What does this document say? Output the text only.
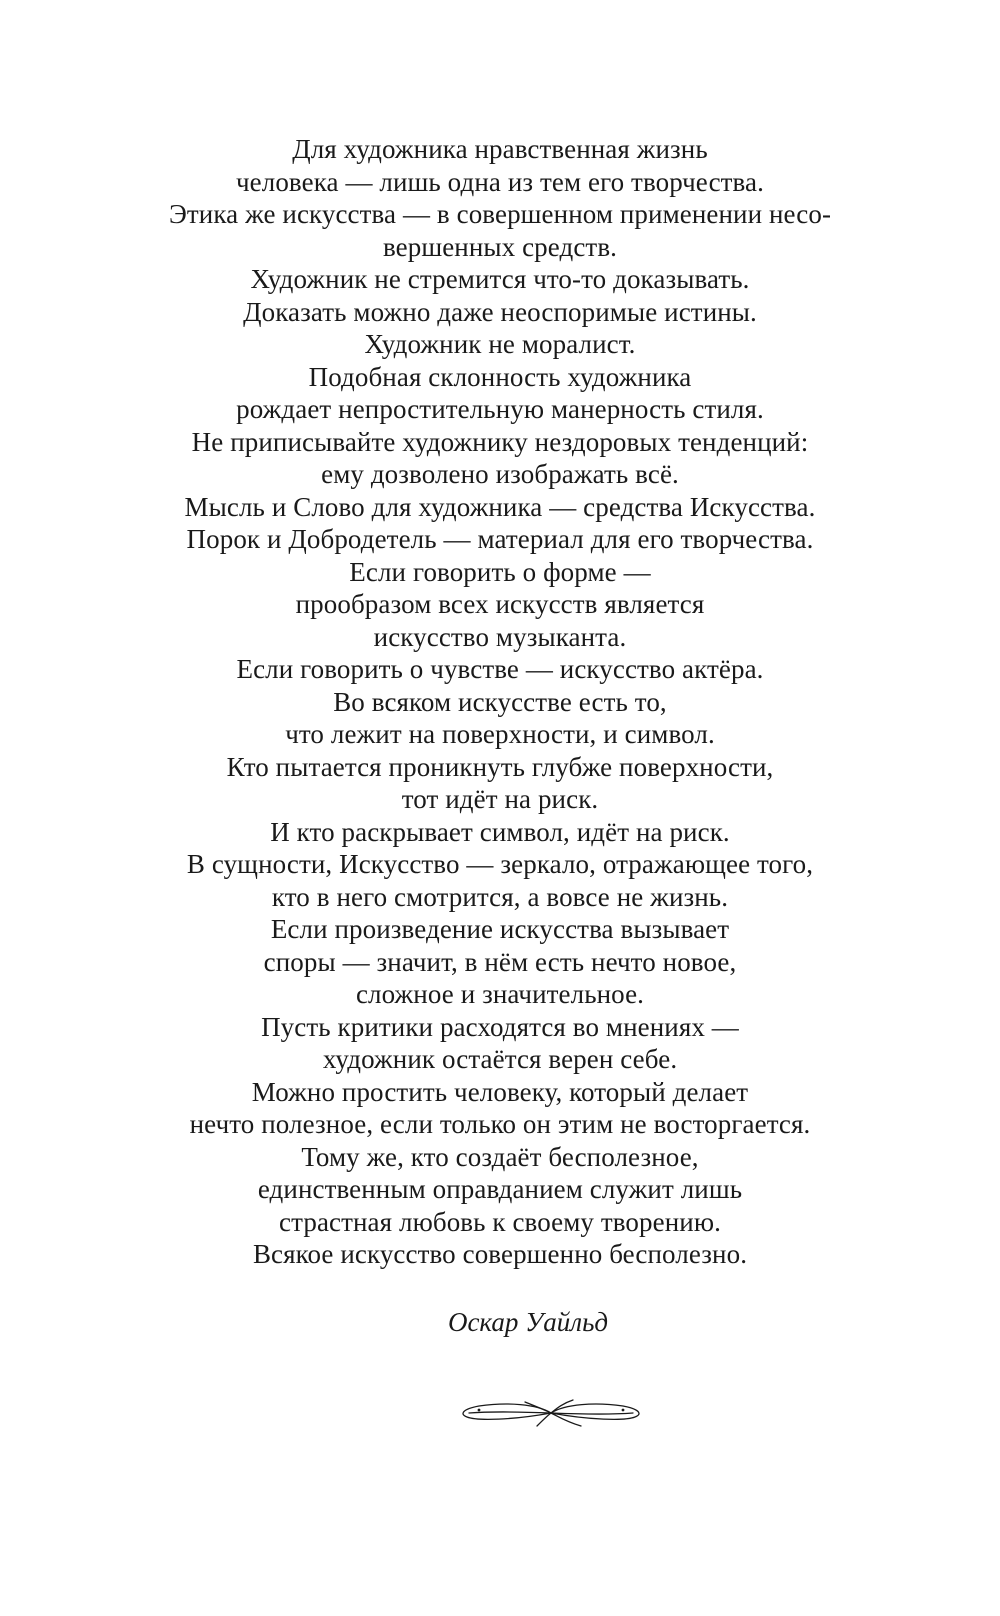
Для художника нравственная жизнь
человека — лишь одна из тем его творчества.
Этика же искусства — в совершенном применении несо-
вершенных средств.
Художник не стремится что-то доказывать.
Доказать можно даже неоспоримые истины.
Художник не моралист.
Подобная склонность художника
рождает непростительную манерность стиля.
Не приписывайте художнику нездоровых тенденций:
ему дозволено изображать всё.
Мысль и Слово для художника — средства Искусства.
Порок и Добродетель — материал для его творчества.
Если говорить о форме —
прообразом всех искусств является
искусство музыканта.
Если говорить о чувстве — искусство актёра.
Во всяком искусстве есть то,
что лежит на поверхности, и символ.
Кто пытается проникнуть глубже поверхности,
тот идёт на риск.
И кто раскрывает символ, идёт на риск.
В сущности, Искусство — зеркало, отражающее того,
кто в него смотрится, а вовсе не жизнь.
Если произведение искусства вызывает
споры — значит, в нём есть нечто новое,
сложное и значительное.
Пусть критики расходятся во мнениях —
художник остаётся верен себе.
Можно простить человеку, который делает
нечто полезное, если только он этим не восторгается.
Тому же, кто создаёт бесполезное,
единственным оправданием служит лишь
страстная любовь к своему творению.
Всякое искусство совершенно бесполезно.
Оскар Уайльд
